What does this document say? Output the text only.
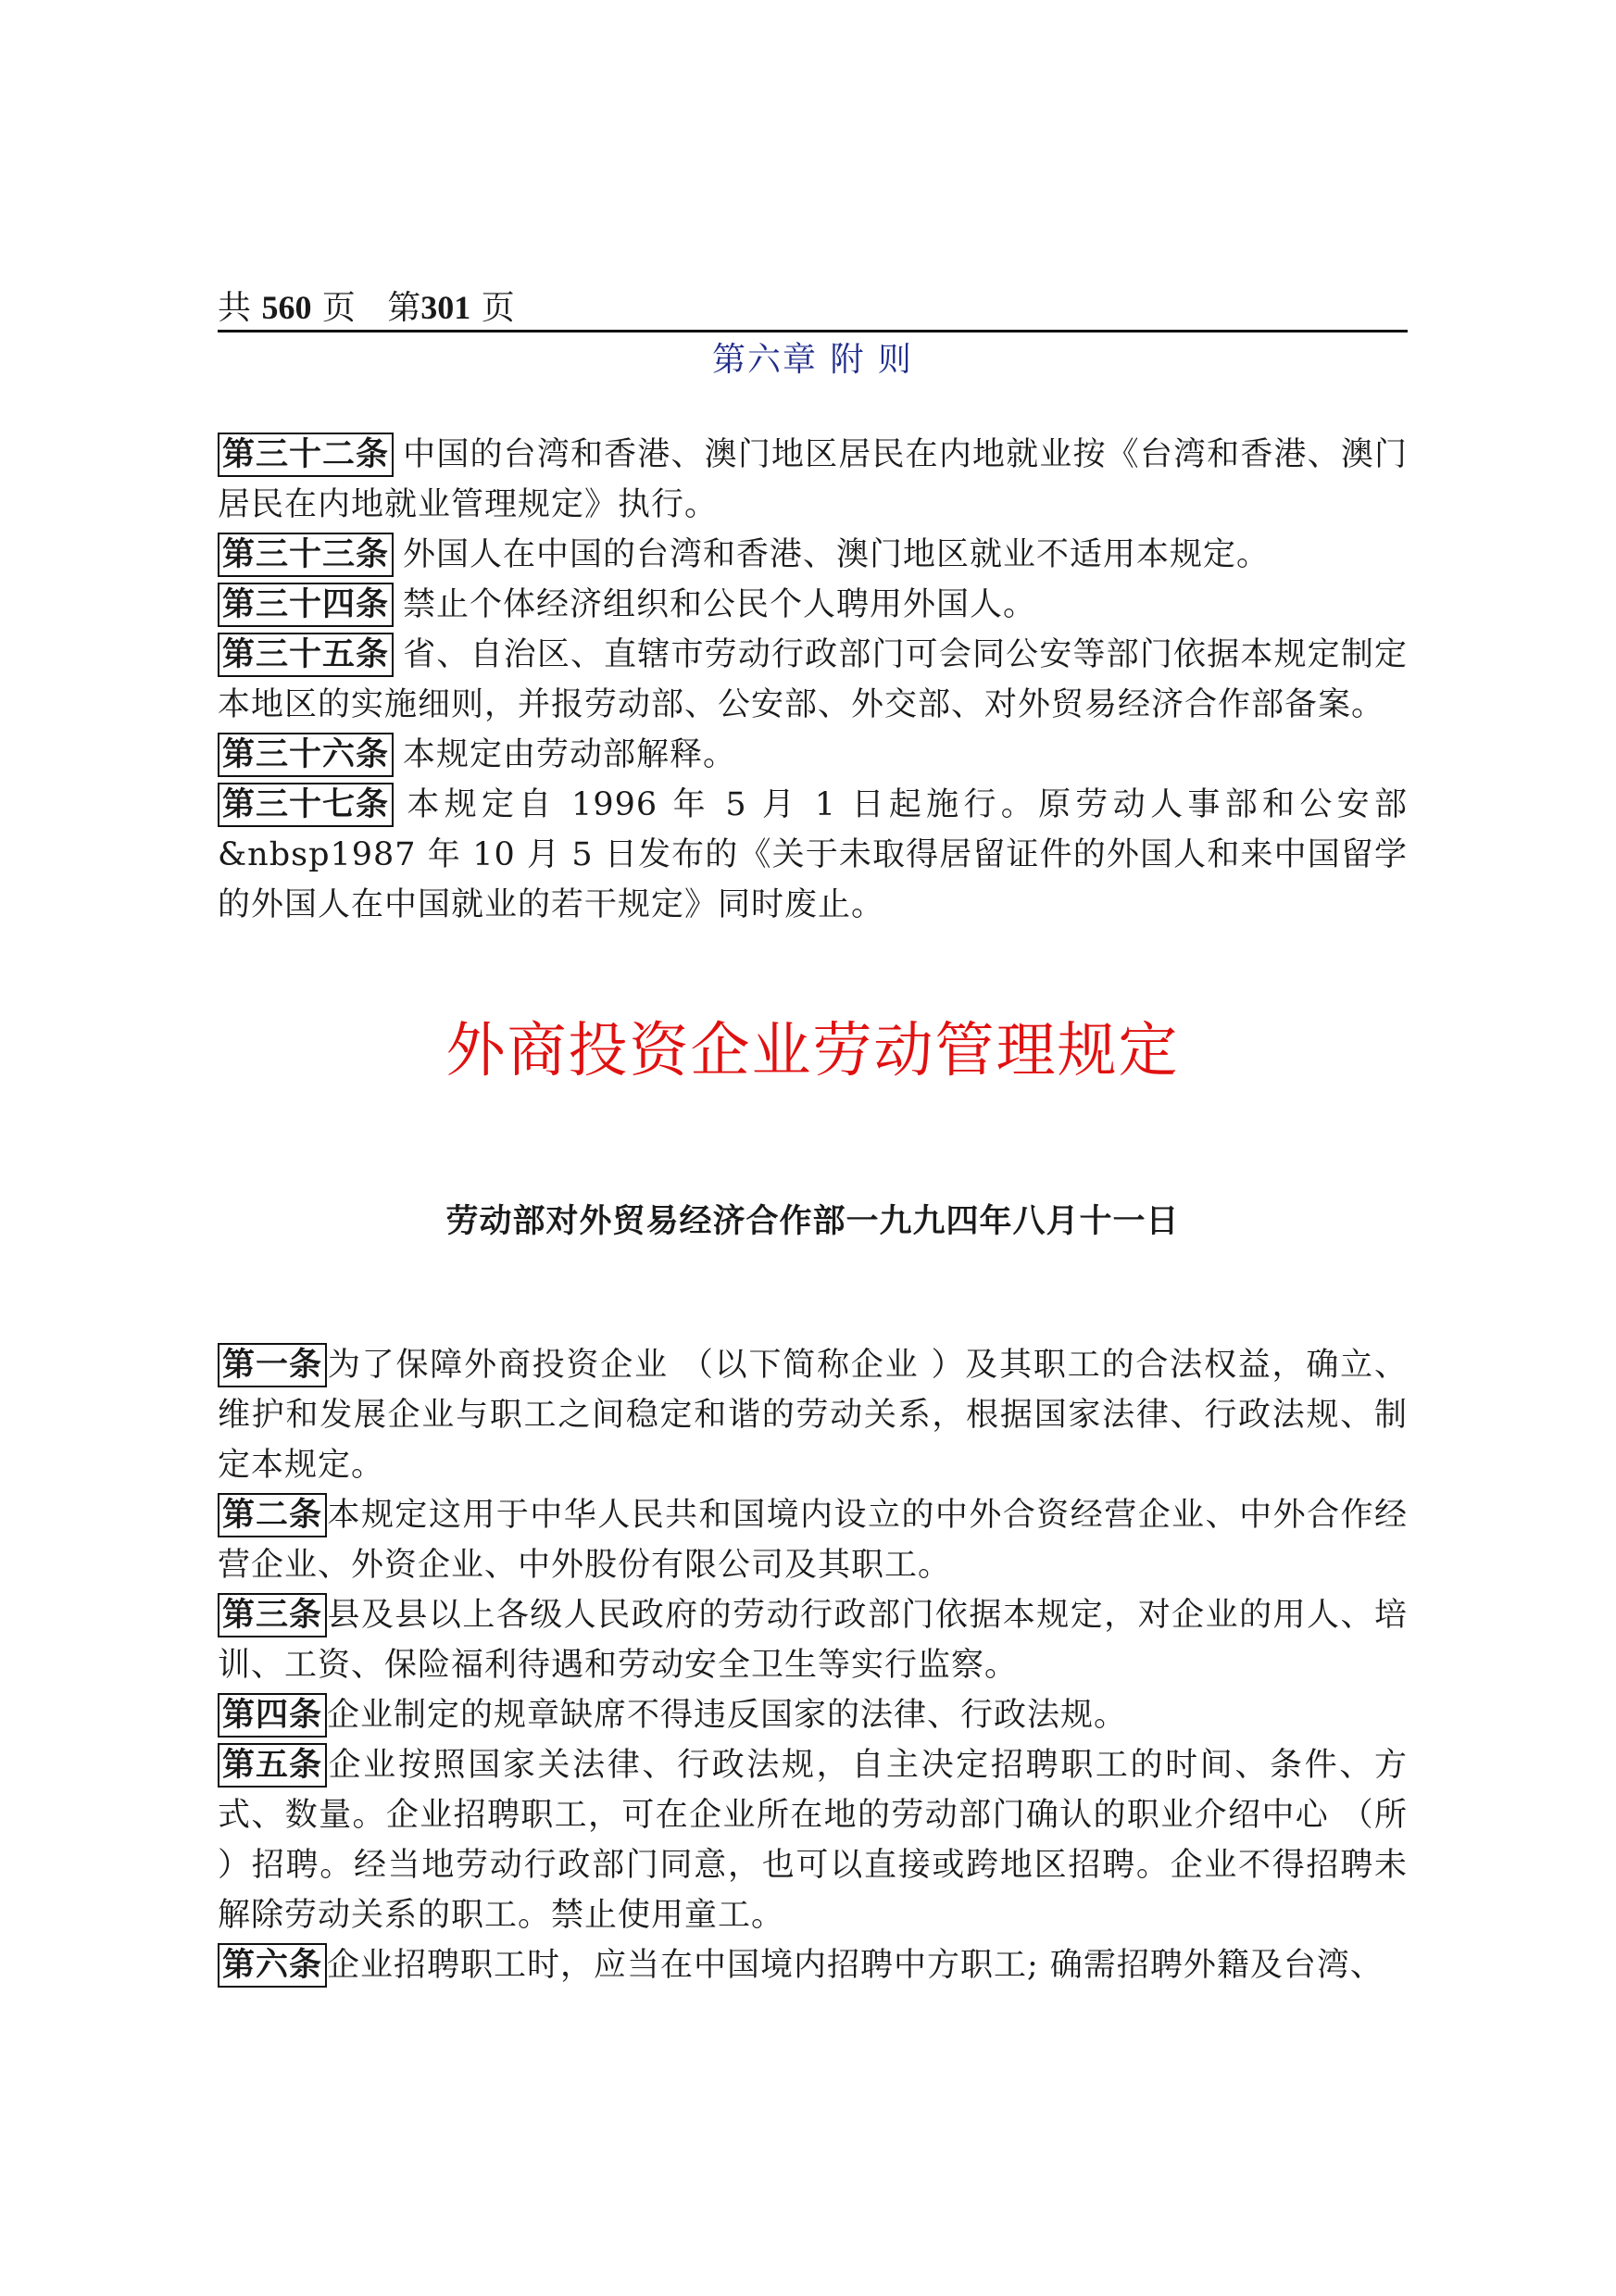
共 560 页 第301 页
第六章 附 则

第三十二条 中国的台湾和香港、澳门地区居民在内地就业按《台湾和香港、澳门居民在内地就业管理规定》执行。

第三十三条 外国人在中国的台湾和香港、澳门地区就业不适用本规定。

第三十四条 禁止个体经济组织和公民个人聘用外国人。

第三十五条 省、自治区、直辖市劳动行政部门可会同公安等部门依据本规定制定本地区的实施细则，并报劳动部、公安部、外交部、对外贸易经济合作部备案。

第三十六条 本规定由劳动部解释。

第三十七条 本规定自 1996 年 5 月 1 日起施行。原劳动人事部和公安部 &nbsp1987 年 10 月 5 日发布的《关于未取得居留证件的外国人和来中国留学的外国人在中国就业的若干规定》同时废止。

外商投资企业劳动管理规定
劳动部对外贸易经济合作部一九九四年八月十一日

第一条 为了保障外商投资企业 （以下简称企业 ）及其职工的合法权益，确立、维护和发展企业与职工之间稳定和谐的劳动关系，根据国家法律、行政法规、制定本规定。

第二条 本规定这用于中华人民共和国境内设立的中外合资经营企业、中外合作经营企业、外资企业、中外股份有限公司及其职工。

第三条 县及县以上各级人民政府的劳动行政部门依据本规定，对企业的用人、培训、工资、保险福利待遇和劳动安全卫生等实行监察。

第四条 企业制定的规章缺席不得违反国家的法律、行政法规。

第五条 企业按照国家关法律、行政法规，自主决定招聘职工的时间、条件、方式、数量。企业招聘职工，可在企业所在地的劳动部门确认的职业介绍中心 （所 ）招聘。经当地劳动行政部门同意，也可以直接或跨地区招聘。企业不得招聘未解除劳动关系的职工。禁止使用童工。

第六条 企业招聘职工时，应当在中国境内招聘中方职工; 确需招聘外籍及台湾、
